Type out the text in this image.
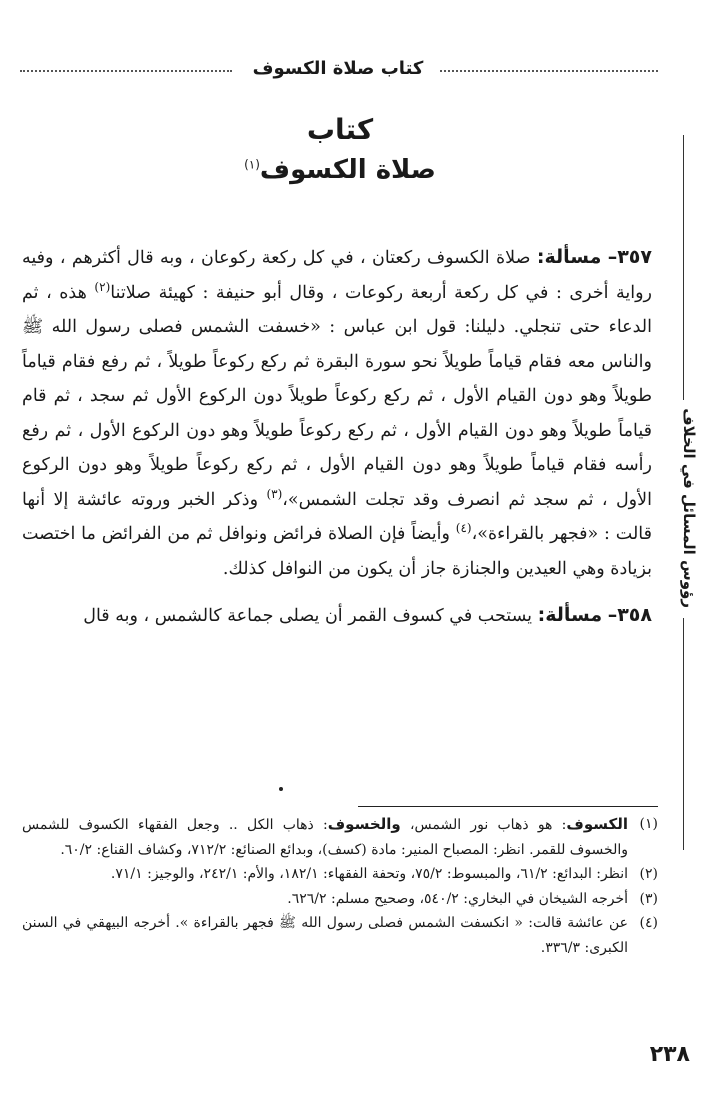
كتاب صلاة الكسوف
رؤوس المسائل في الخلاف
كتاب
صلاة الكسوف$^{(١)}$

٣٥٧– مسألة: صلاة الكسوف ركعتان ، في كل ركعة ركوعان ، وبه قال أكثرهم ، وفيه رواية أخرى : في كل ركعة أربعة ركوعات ، وقال أبو حنيفة : كهيئة صلاتنا$^{(٢)}$ هذه ، ثم الدعاء حتى تنجلي. دليلنا: قول ابن عباس : «خسفت الشمس فصلى رسول الله ﷺ والناس معه فقام قياماً طويلاً نحو سورة البقرة ثم ركع ركوعاً طويلاً ، ثم رفع فقام قياماً طويلاً وهو دون القيام الأول ، ثم ركع ركوعاً طويلاً دون الركوع الأول ثم سجد ، ثم قام قياماً طويلاً وهو دون القيام الأول ، ثم ركع ركوعاً طويلاً وهو دون الركوع الأول ، ثم رفع رأسه فقام قياماً طويلاً وهو دون القيام الأول ، ثم ركع ركوعاً طويلاً وهو دون الركوع الأول ، ثم سجد ثم انصرف وقد تجلت الشمس»،$^{(٣)}$ وذكر الخبر وروته عائشة إلا أنها قالت : «فجهر بالقراءة»،$^{(٤)}$ وأيضاً فإن الصلاة فرائض ونوافل ثم من الفرائض ما اختصت بزيادة وهي العيدين والجنازة جاز أن يكون من النوافل كذلك.

٣٥٨– مسألة: يستحب في كسوف القمر أن يصلى جماعة كالشمس ، وبه قال

(١)
الكسوف: هو ذهاب نور الشمس، والخسوف: ذهاب الكل .. وجعل الفقهاء الكسوف للشمس والخسوف للقمر. انظر: المصباح المنير: مادة (كسف)، وبدائع الصنائع: ٧١٢/٢، وكشاف القناع: ٦٠/٢.
(٢)
انظر: البدائع: ٦١/٢، والمبسوط: ٧٥/٢، وتحفة الفقهاء: ١٨٢/١، والأم: ٢٤٢/١، والوجيز: ٧١/١.
(٣)
أخرجه الشيخان في البخاري: ٥٤٠/٢، وصحيح مسلم: ٦٢٦/٢.
(٤)
عن عائشة قالت: « انكسفت الشمس فصلى رسول الله ﷺ فجهر بالقراءة ». أخرجه البيهقي في السنن الكبرى: ٣٣٦/٣.
٢٣٨
